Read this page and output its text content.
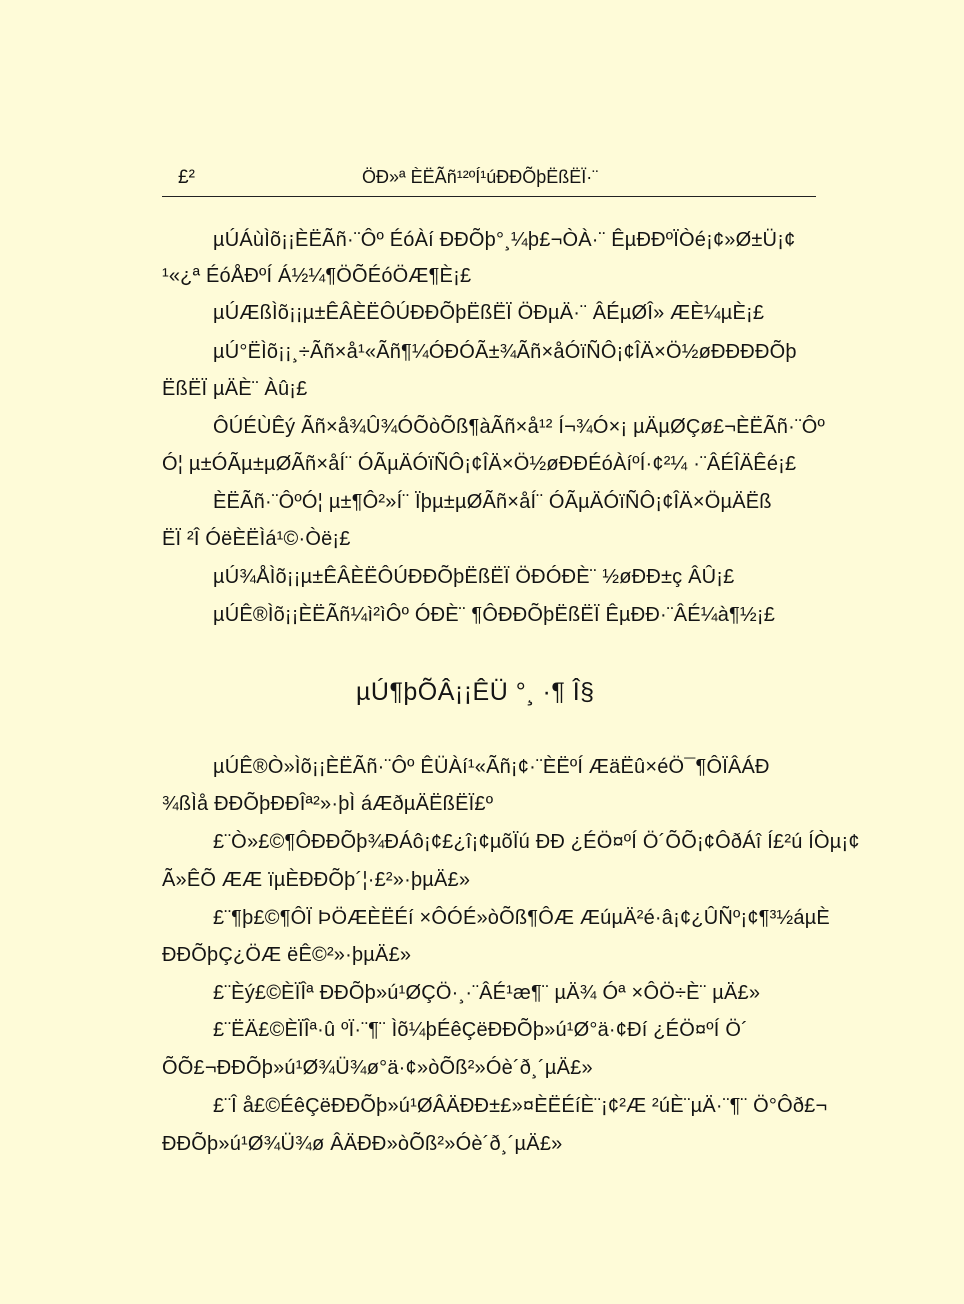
£²	ÖÐ»ª ÈËÃñ¹²ºÍ¹úÐÐÕþËßËÏ·¨
µÚÁùÌõ¡¡ÈËÃñ·¨Ôº ÉóÀí ÐÐÕþ°¸¼þ£¬ÒÀ·¨ ÊµÐÐºÏÒé¡¢»Ø±Ü¡¢
¹«¿ª ÉóÅÐºÍ Á½¼¶ÖÕÉóÖÆ¶È¡£
µÚÆßÌõ¡¡µ±ÊÂÈËÔÚÐÐÕþËßËÏ ÖÐµÄ·¨ ÂÉµØÎ» ÆÈ¼µÈ¡£
µÚ°ËÌõ¡¡¸÷Ãñ×å¹«Ãñ¶¼ÓÐÓÃ±¾Ãñ×åÓïÑÔ¡¢ÎÄ×Ö½øÐÐÐÐÕþ
ËßËÏ µÄÈ¨ Àû¡£
ÔÚÉÙÊý Ãñ×å¾Û¾ÓÕòÕß¶àÃñ×å¹² Í¬¾Ó×¡ µÄµØÇø£¬ÈËÃñ·¨Ôº
Ó¦ µ±ÓÃµ±µØÃñ×åÍ¨ ÓÃµÄÓïÑÔ¡¢ÎÄ×Ö½øÐÐÉóÀíºÍ·¢²¼ ·¨ÂÉÎÄÊé¡£
ÈËÃñ·¨ÔºÓ¦ µ±¶Ô²»Í¨ Ïþµ±µØÃñ×åÍ¨ ÓÃµÄÓïÑÔ¡¢ÎÄ×ÖµÄËß
ËÏ ²Î ÓëÈËÌá¹©·Òë¡£
µÚ¾ÅÌõ¡¡µ±ÊÂÈËÔÚÐÐÕþËßËÏ ÖÐÓÐÈ¨ ½øÐÐ±ç ÂÛ¡£
µÚÊ®Ìõ¡¡ÈËÃñ¼ì²ìÔº ÓÐÈ¨ ¶ÔÐÐÕþËßËÏ ÊµÐÐ·¨ÂÉ¼à¶½¡£
µÚ¶þÕÂ¡¡ÊÜ °¸ ·¶ Î§
µÚÊ®Ò»Ìõ¡¡ÈËÃñ·¨Ôº ÊÜÀí¹«Ãñ¡¢·¨ÈËºÍ ÆäËû×éÖ¯¶ÔÏÂÁÐ
¾ßÌå ÐÐÕþÐÐÎª²»·þÌ áÆðµÄËßËÏ£º
£¨Ò»£©¶ÔÐÐÕþ¾ÐÁô¡¢£¿î¡¢µõÏú ÐÐ ¿ÉÖ¤ºÍ Ö´ÕÕ¡¢ÔðÁî Í£²ú ÍÒµ¡¢
Ã»ÊÕ ÆÆ ïµÈÐÐÕþ´¦·£²»·þµÄ£»
£¨¶þ£©¶ÔÏ ÞÖÆÈËÉí ×ÔÓÉ»òÕß¶ÔÆ ÆúµÄ²é·â¡¢¿ÛÑº¡¢¶³½áµÈ
ÐÐÕþÇ¿ÖÆ ëÊ©²»·þµÄ£»
£¨Èý£©ÈÏÎª ÐÐÕþ»ú¹ØÇÖ·¸·¨ÂÉ¹æ¶¨ µÄ¾ Óª ×ÔÖ÷È¨ µÄ£»
£¨ËÄ£©ÈÏÎª·û ºÏ·¨¶¨ Ìõ¼þÉêÇëÐÐÕþ»ú¹Ø°ä·¢Ðí ¿ÉÖ¤ºÍ Ö´
ÕÕ£¬ÐÐÕþ»ú¹Ø¾Ü¾ø°ä·¢»òÕß²»Óè´ð¸´µÄ£»
£¨Î å£©ÉêÇëÐÐÕþ»ú¹ØÂÄÐÐ±£»¤ÈËÉíÈ¨¡¢²Æ ²úÈ¨µÄ·¨¶¨ Ö°Ôð£¬
ÐÐÕþ»ú¹Ø¾Ü¾ø ÂÄÐÐ»òÕß²»Óè´ð¸´µÄ£»
